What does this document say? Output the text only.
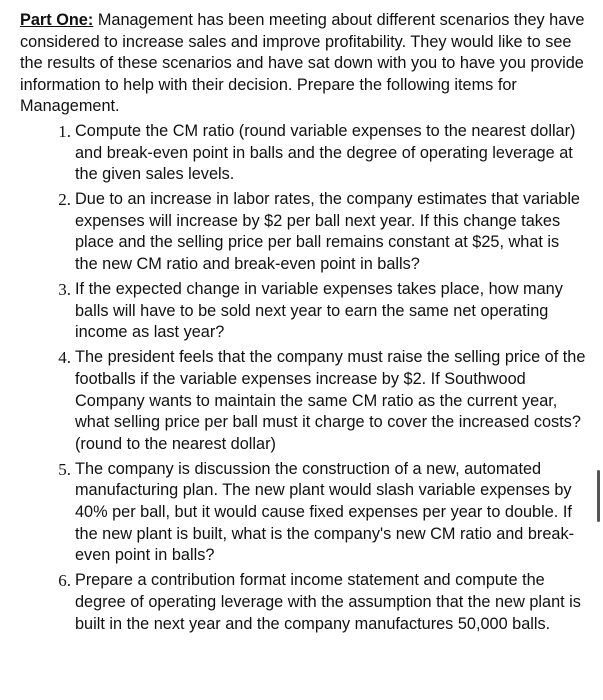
Part One: Management has been meeting about different scenarios they have considered to increase sales and improve profitability. They would like to see the results of these scenarios and have sat down with you to have you provide information to help with their decision. Prepare the following items for Management.

1. Compute the CM ratio (round variable expenses to the nearest dollar) and break-even point in balls and the degree of operating leverage at the given sales levels.
2. Due to an increase in labor rates, the company estimates that variable expenses will increase by $2 per ball next year. If this change takes place and the selling price per ball remains constant at $25, what is the new CM ratio and break-even point in balls?
3. If the expected change in variable expenses takes place, how many balls will have to be sold next year to earn the same net operating income as last year?
4. The president feels that the company must raise the selling price of the footballs if the variable expenses increase by $2. If Southwood Company wants to maintain the same CM ratio as the current year, what selling price per ball must it charge to cover the increased costs? (round to the nearest dollar)
5. The company is discussion the construction of a new, automated manufacturing plan. The new plant would slash variable expenses by 40% per ball, but it would cause fixed expenses per year to double. If the new plant is built, what is the company's new CM ratio and break-even point in balls?
6. Prepare a contribution format income statement and compute the degree of operating leverage with the assumption that the new plant is built in the next year and the company manufactures 50,000 balls.
